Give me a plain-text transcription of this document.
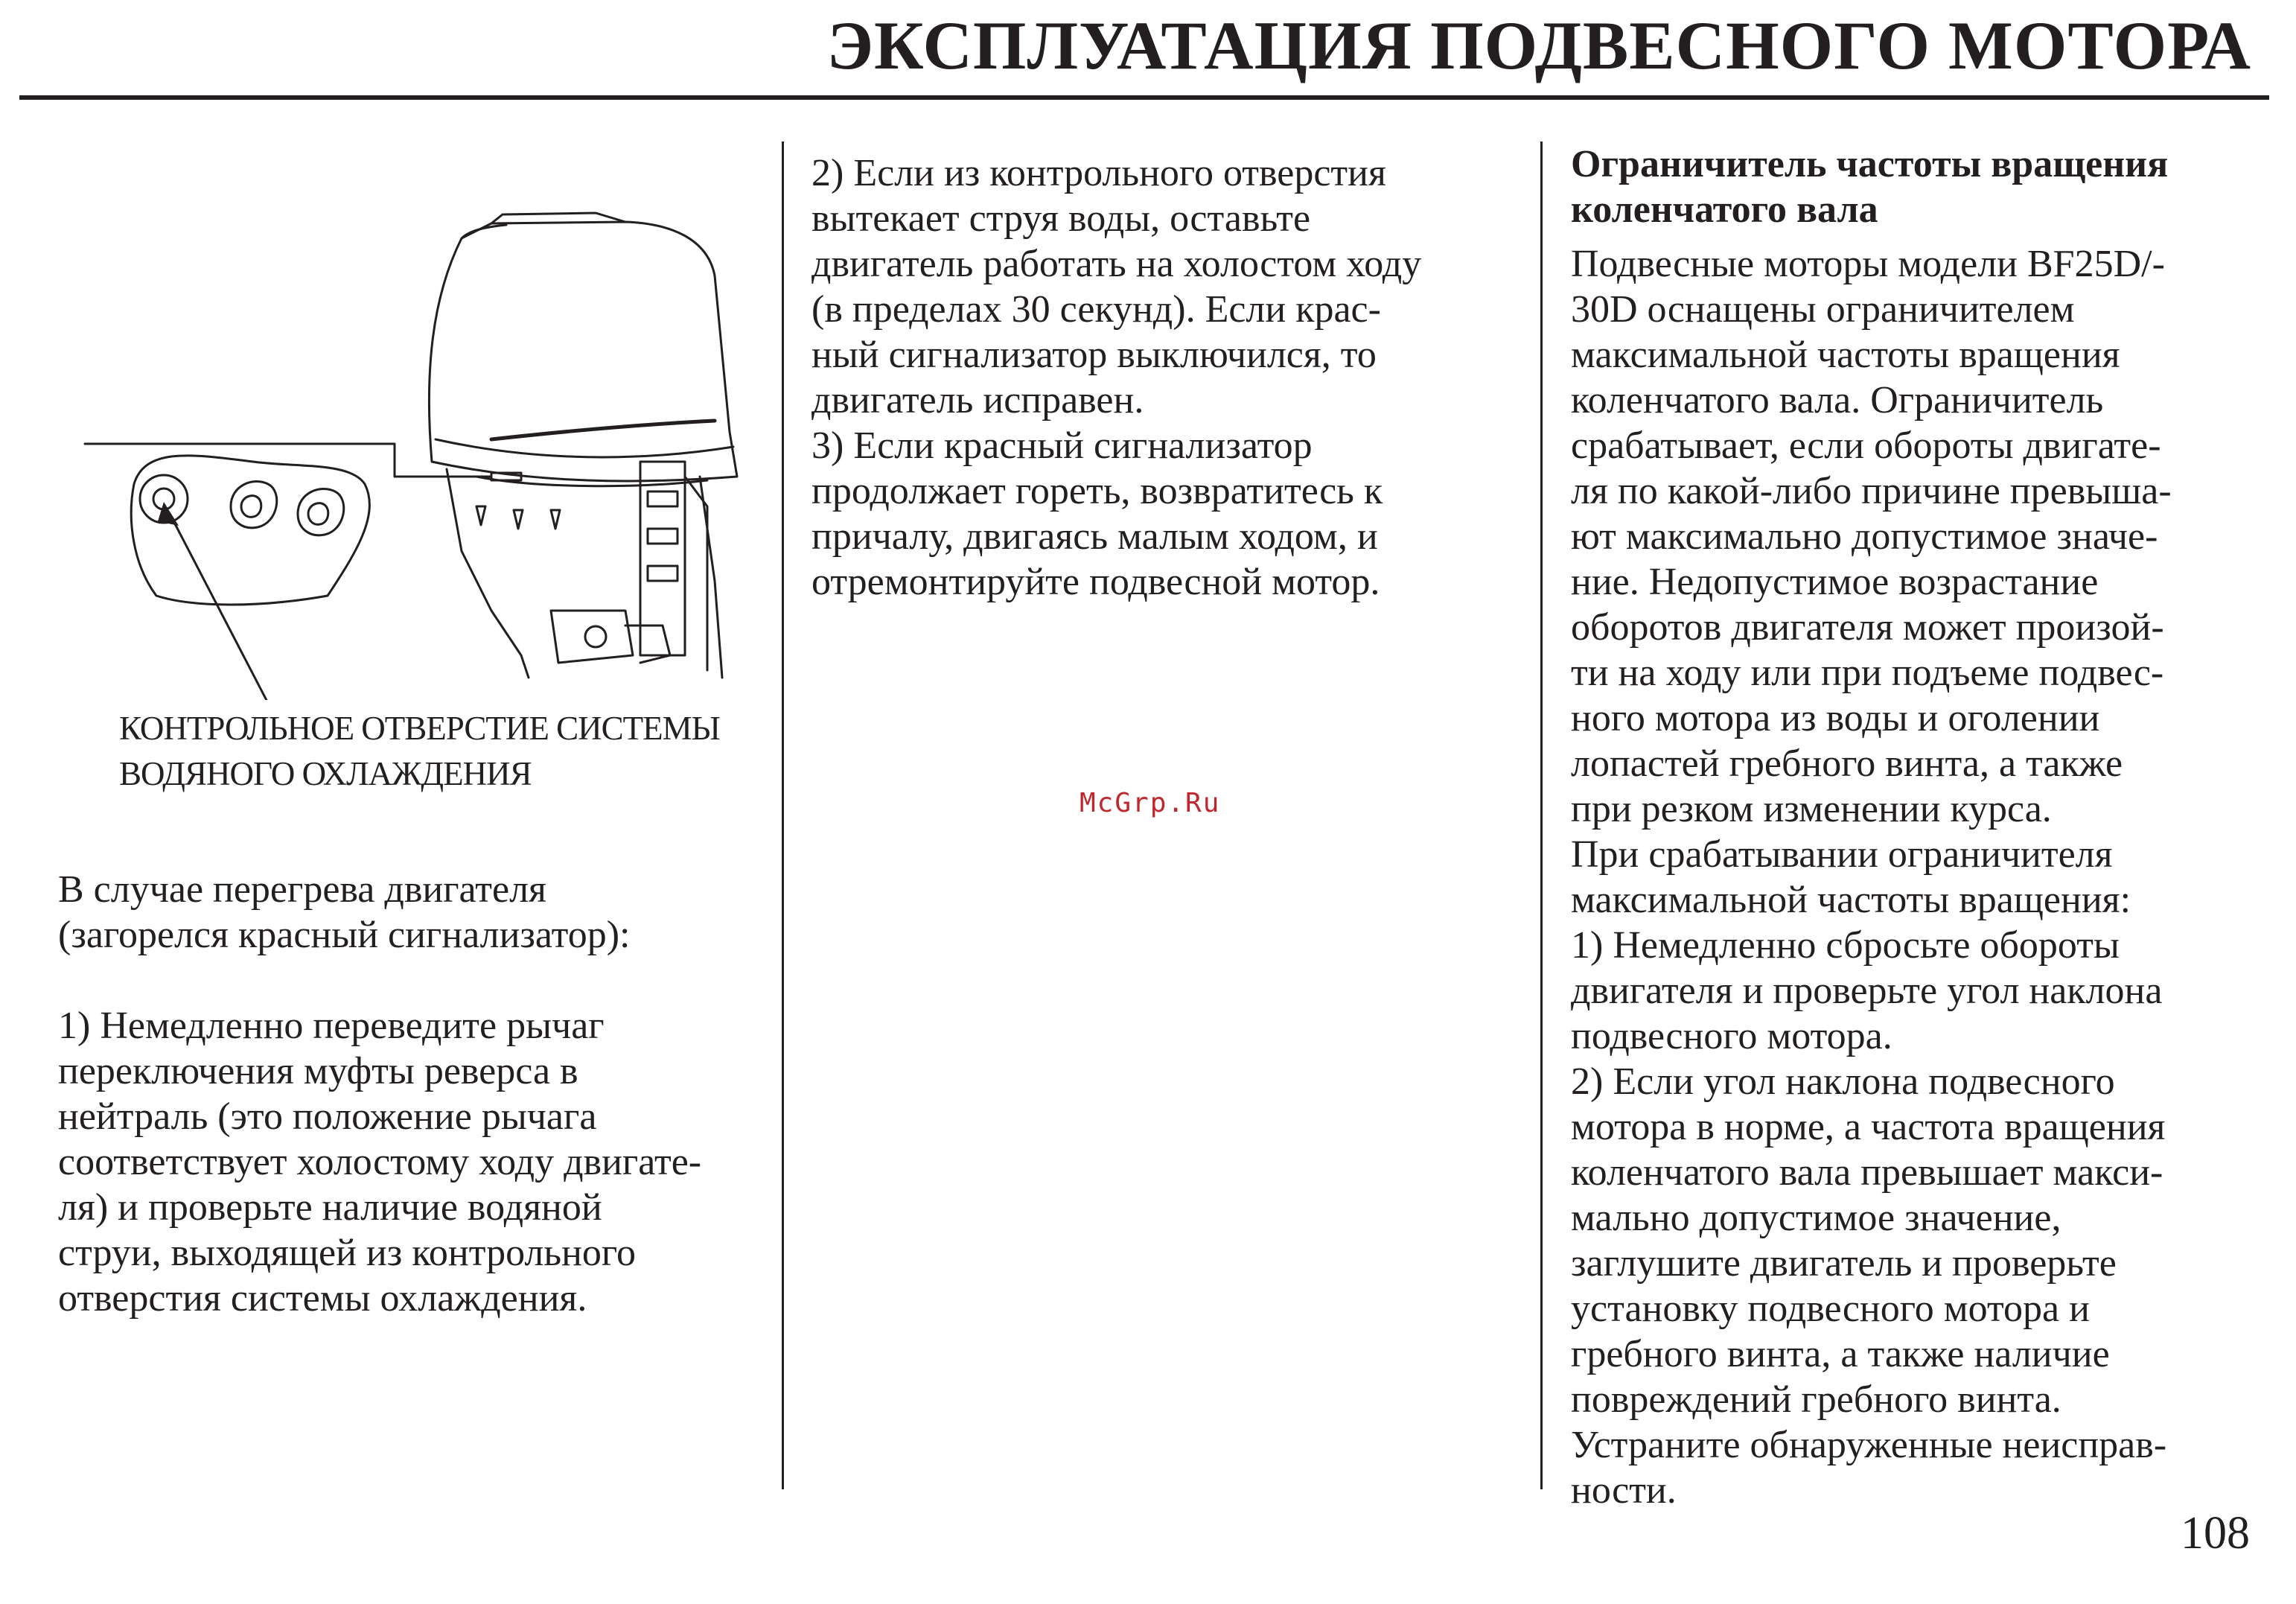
ЭКСПЛУАТАЦИЯ ПОДВЕСНОГО МОТОРА
КОНТРОЛЬНОЕ ОТВЕРСТИЕ СИСТЕМЫ
ВОДЯНОГО ОХЛАЖДЕНИЯ

В случае перегрева двигателя

(загорелся красный сигнализатор):

1) Немедленно переведите рычаг

переключения муфты реверса в

нейтраль (это положение рычага

соответствует холостому ходу двигате-

ля) и проверьте наличие водяной

струи, выходящей из контрольного

отверстия системы охлаждения.

2) Если из контрольного отверстия

вытекает струя воды, оставьте

двигатель работать на холостом ходу

(в пределах 30 секунд). Если крас-

ный сигнализатор выключился, то

двигатель исправен.

3) Если красный сигнализатор

продолжает гореть, возвратитесь к

причалу, двигаясь малым ходом, и

отремонтируйте подвесной мотор.

Ограничитель частоты вращения

коленчатого вала

Подвесные моторы модели BF25D/-

30D оснащены ограничителем

максимальной частоты вращения

коленчатого вала. Ограничитель

срабатывает, если обороты двигате-

ля по какой-либо причине превыша-

ют максимально допустимое значе-

ние. Недопустимое возрастание

оборотов двигателя может произой-

ти на ходу или при подъеме подвес-

ного мотора из воды и оголении

лопастей гребного винта, а также

при резком изменении курса.

При срабатывании ограничителя

максимальной частоты вращения:

1) Немедленно сбросьте обороты

двигателя и проверьте угол наклона

подвесного мотора.

2) Если угол наклона подвесного

мотора в норме, а частота вращения

коленчатого вала превышает макси-

мально допустимое значение,

заглушите двигатель и проверьте

установку подвесного мотора и

гребного винта, а также наличие

повреждений гребного винта.

Устраните обнаруженные неисправ-

ности.

McGrp.Ru
108
